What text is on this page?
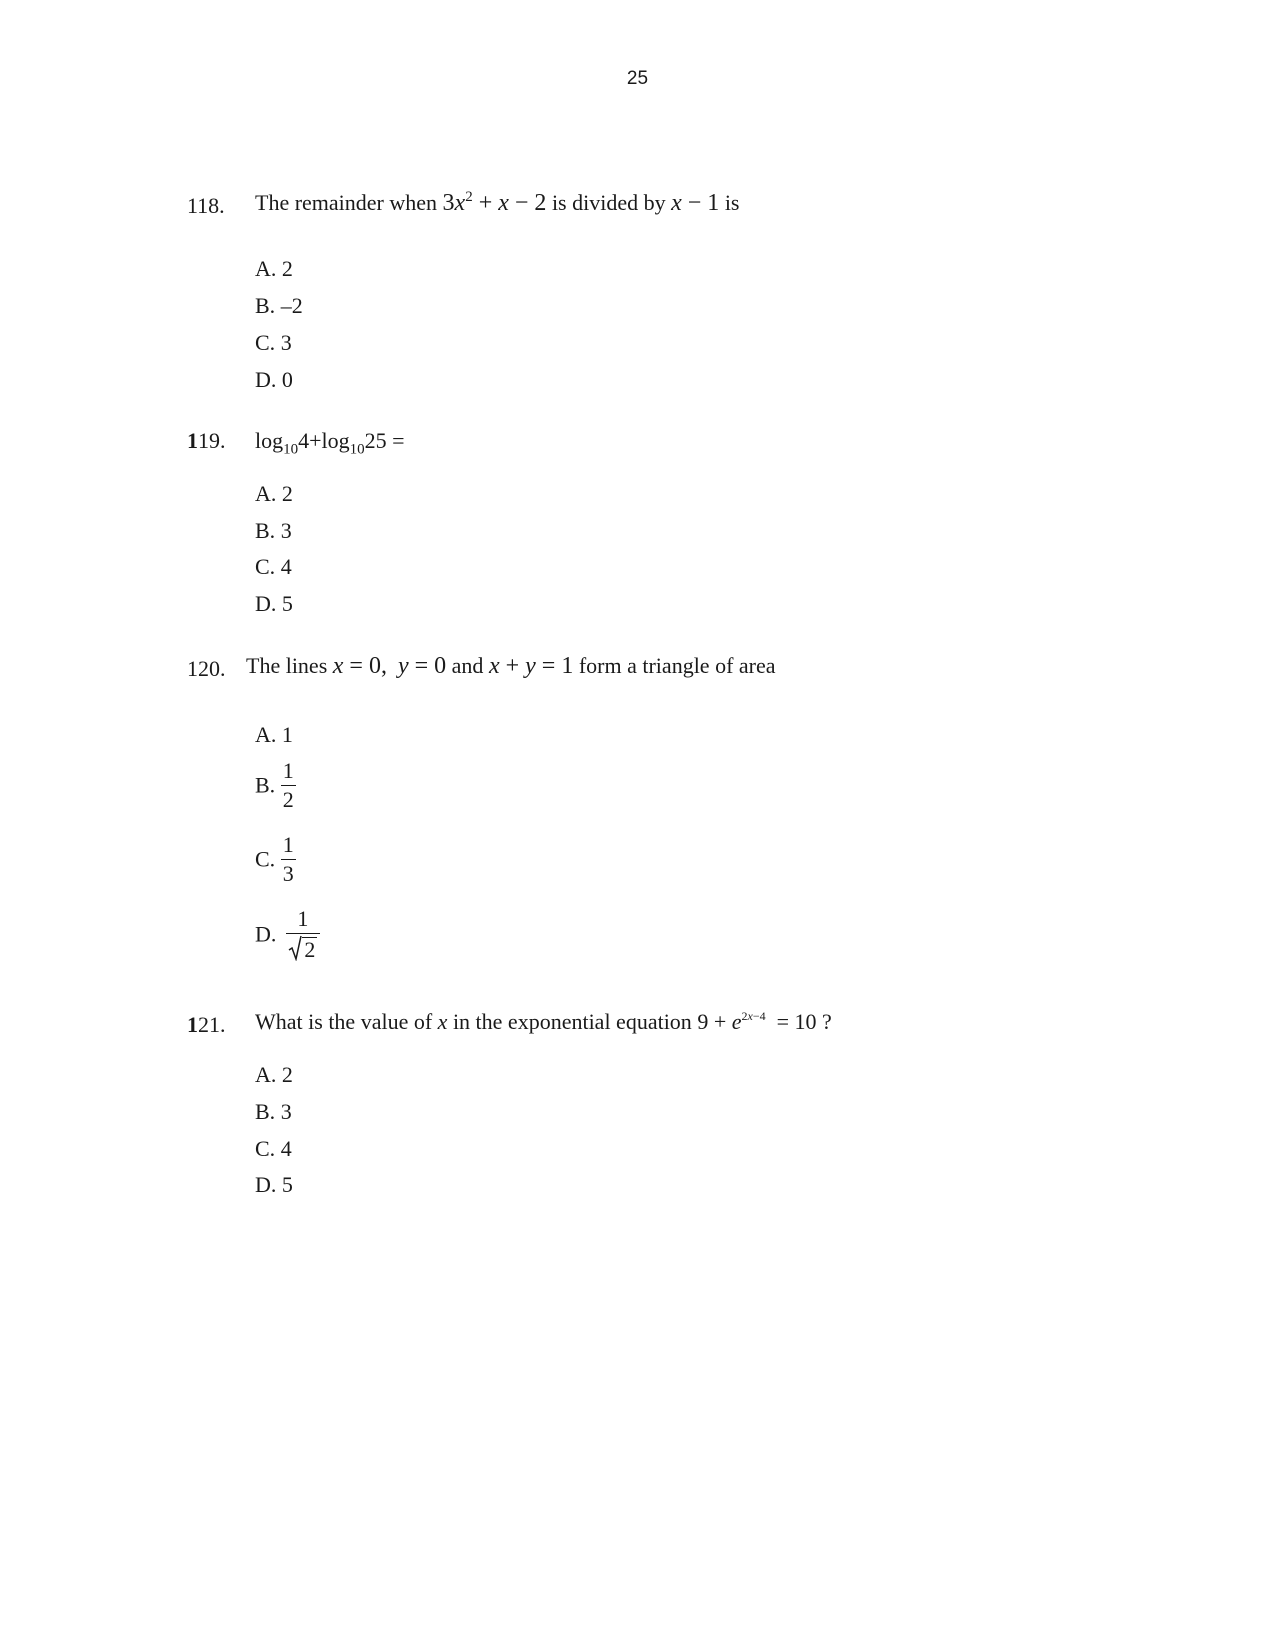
25
118. The remainder when $3x^2 + x - 2$ is divided by x − 1 is
A. 2
B. –2
C. 3
D. 0
119. $\log_{10}4+\log_{10}25$ =
A. 2
B. 3
C. 4
D. 5
120. The lines x = 0, y = 0 and x + y = 1 form a triangle of area
A. 1
B. $\frac{1}{2}$
C. $\frac{1}{3}$
D. $\frac{1}{2}$
121. What is the value of x in the exponential equation $9 + e^{2x-4} = 10$ ?
A. 2
B. 3
C. 4
D. 5
